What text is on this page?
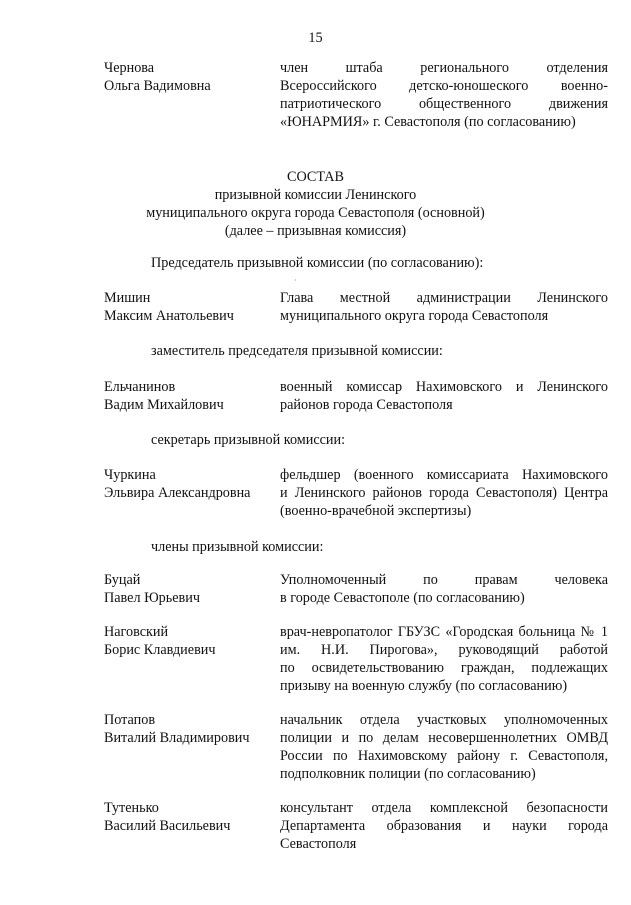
15
Чернова
Ольга Вадимовна
член штаба регионального отделения
Всероссийского детско-юношеского военно-
патриотического общественного движения
«ЮНАРМИЯ» г. Севастополя (по согласованию)
СОСТАВ
призывной комиссии Ленинского
муниципального округа города Севастополя (основной)
(далее – призывная комиссия)
Председатель призывной комиссии (по согласованию):
·
Мишин
Максим Анатольевич
Глава местной администрации Ленинского
муниципального округа города Севастополя
заместитель председателя призывной комиссии:
Ельчанинов
Вадим Михайлович
военный комиссар Нахимовского и Ленинского
районов города Севастополя
секретарь призывной комиссии:
Чуркина
Эльвира Александровна
фельдшер (военного комиссариата Нахимовского
и Ленинского районов города Севастополя) Центра
(военно-врачебной экспертизы)
члены призывной комиссии:
Буцай
Павел Юрьевич
Уполномоченный по правам человека
в городе Севастополе (по согласованию)
Наговский
Борис Клавдиевич
врач-невропатолог ГБУЗС «Городская больница № 1
им. Н.И. Пирогова», руководящий работой
по освидетельствованию граждан, подлежащих
призыву на военную службу (по согласованию)
Потапов
Виталий Владимирович
начальник отдела участковых уполномоченных
полиции и по делам несовершеннолетних ОМВД
России по Нахимовскому району г. Севастополя,
подполковник полиции (по согласованию)
Тутенько
Василий Васильевич
консультант отдела комплексной безопасности
Департамента образования и науки города
Севастополя
